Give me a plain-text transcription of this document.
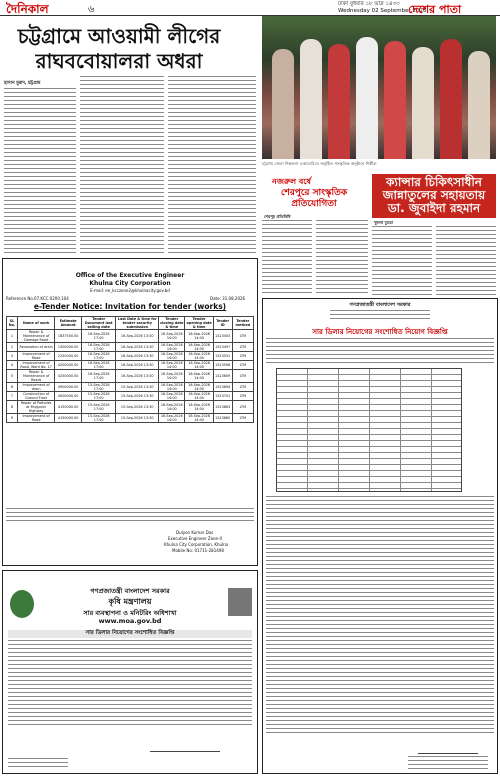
দৈনিকাল	৬	ঢাকা বুধবার ১৮ ভাদ্র ১৪৩৩
Wednesday 02 September 2026
দেশের পাতা
চট্টগ্রামে আওয়ামী লীগের রাঘববোয়ালরা অধরা
হাসান মুরাদ, চট্টগ্রাম
চট্টগ্রাম জেলা শিল্পকলা একাডেমিতে অনুষ্ঠিত সাংস্কৃতিক অনুষ্ঠানে শিল্পীরা
নজরুল বর্ষে
শেরপুরে সাংস্কৃতিক প্রতিযোগিতা
শেরপুর প্রতিনিধি
ক্যান্সার চিকিৎসাধীন জান্নাতুলের সহায়তায় ডা. জুবাইদা রহমান
খুলনা ব্যুরো
Office of the Executive Engineer
Khulna City Corporation
E-mail: ee_kcczone2@khulnacity.gov.bd
Reference No.07.KCC.0200.104	Date: 31.08.2026
e-Tender Notice: Invitation for tender (works)
SL No.	Name of work	Estimate Amount	Tender Document last selling date	Last Date & time for tender security submission	Tender closing date & time	Tender opening date & time	Tender ID	Tender method
1	Repair & Maintenance of Damage Road	1837500.00	16-Sep-2026 17:00	16-Sep-2026 13:30	16-Sep-2026 14:00	16-Sep-2026 14:00	1323403	LTM
2	Renovation of drain	1400000.00	16-Sep-2026 17:00	16-Sep-2026 13:30	16-Sep-2026 14:00	16-Sep-2026 14:00	1323497	LTM
3	Improvement of Road	2250000.00	16-Sep-2026 17:00	16-Sep-2026 13:30	16-Sep-2026 14:00	16-Sep-2026 14:00	1323531	LTM
4	Improvement of Road, Ward No. 17	4200000.00	16-Sep-2026 17:00	16-Sep-2026 13:30	16-Sep-2026 14:00	16-Sep-2026 14:00	1323598	LTM
5	Repair & Maintenance of Roads	4250000.00	16-Sep-2026 17:00	16-Sep-2026 13:30	16-Sep-2026 14:00	16-Sep-2026 14:00	1323609	LTM
6	Improvement of drain	4900000.00	15-Sep-2026 17:00	15-Sep-2026 13:30	16-Sep-2026 14:00	16-Sep-2026 14:00	1323694	LTM
7	Construction of Ground Floor	4000000.00	15-Sep-2026 17:00	15-Sep-2026 13:30	16-Sep-2026 14:00	16-Sep-2026 14:00	1323701	LTM
8	Repair of Potholes at Mujgunni Highway	4150000.00	15-Sep-2026 17:00	15-Sep-2026 13:30	16-Sep-2026 14:00	16-Sep-2026 14:00	1323863	LTM
9	Improvement of Road	4150000.00	15-Sep-2026 17:00	15-Sep-2026 13:30	16-Sep-2026 14:00	16-Sep-2026 14:00	1323880	LTM
Dulyon Kumar Das
Executive Engineer Zone-II
Khulna City Corporation, Khulna
Mobile No: 01711-281498
গণপ্রজাতন্ত্রী বাংলাদেশ সরকার
কৃষি মন্ত্রণালয়
সার ব্যবস্থাপনা ও মনিটরিং অধিশাখা
www.moa.gov.bd
সার ডিলার নিয়োগের সংশোধিত বিজ্ঞপ্তি
গণপ্রজাতন্ত্রী বাংলাদেশ সরকার
সার ডিলার নিয়োগের সংশোধিত নিয়োগ বিজ্ঞপ্তি
